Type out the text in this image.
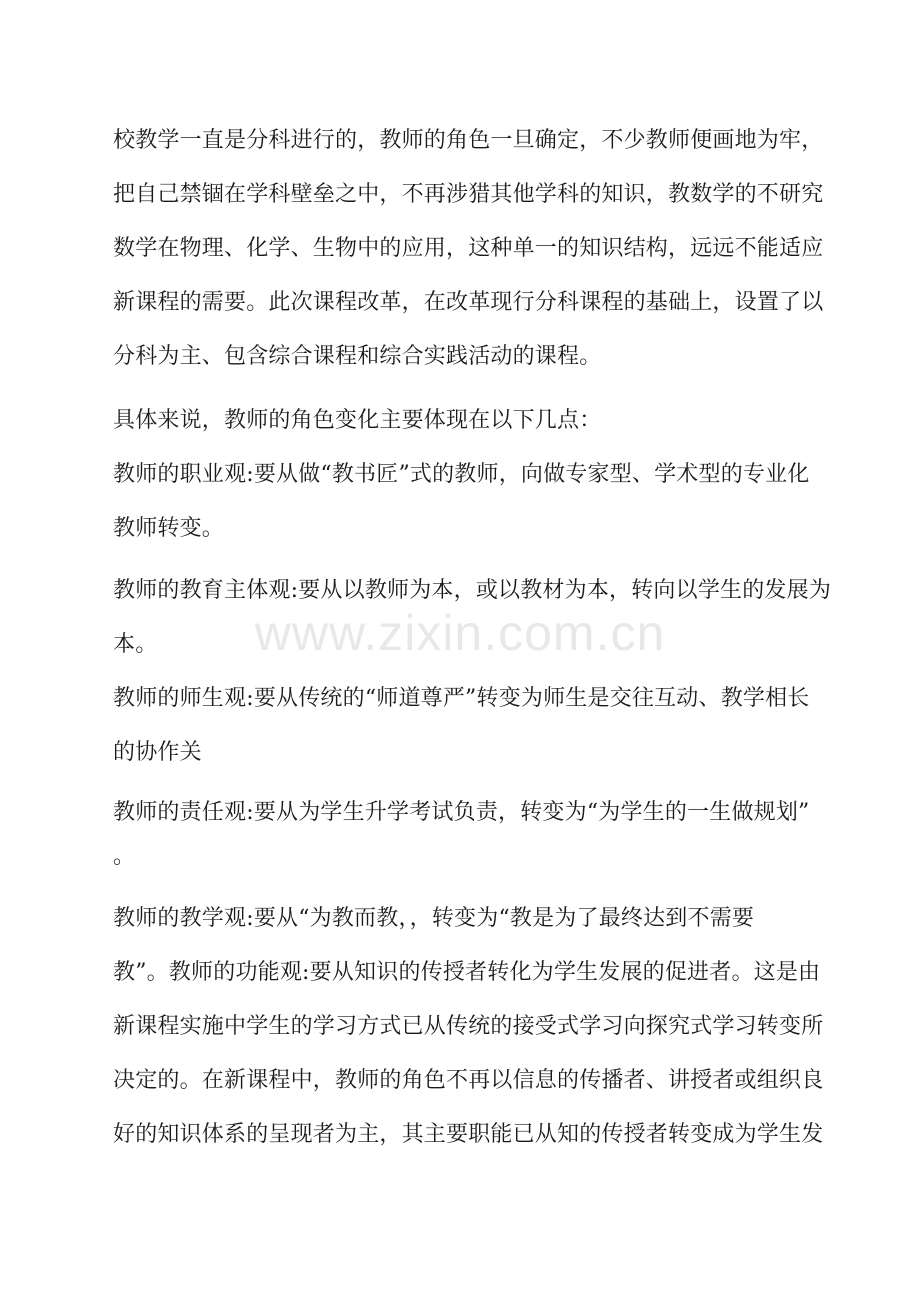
校教学一直是分科进行的，教师的角色一旦确定，不少教师便画地为牢，
把自己禁锢在学科壁垒之中，不再涉猎其他学科的知识，教数学的不研究
数学在物理、化学、生物中的应用，这种单一的知识结构，远远不能适应
新课程的需要。此次课程改革，在改革现行分科课程的基础上，设置了以
分科为主、包含综合课程和综合实践活动的课程。
具体来说，教师的角色变化主要体现在以下几点：
教师的职业观:要从做“教书匠”式的教师，向做专家型、学术型的专业化
教师转变。
教师的教育主体观:要从以教师为本，或以教材为本，转向以学生的发展为
本。
教师的师生观:要从传统的“师道尊严”转变为师生是交往互动、教学相长
的协作关
教师的责任观:要从为学生升学考试负责，转变为“为学生的一生做规划”
。
教师的教学观:要从“为教而教，，转变为“教是为了最终达到不需要
教”。教师的功能观:要从知识的传授者转化为学生发展的促进者。这是由
新课程实施中学生的学习方式已从传统的接受式学习向探究式学习转变所
决定的。在新课程中，教师的角色不再以信息的传播者、讲授者或组织良
好的知识体系的呈现者为主，其主要职能已从知的传授者转变成为学生发
www.zixin.com.cn
